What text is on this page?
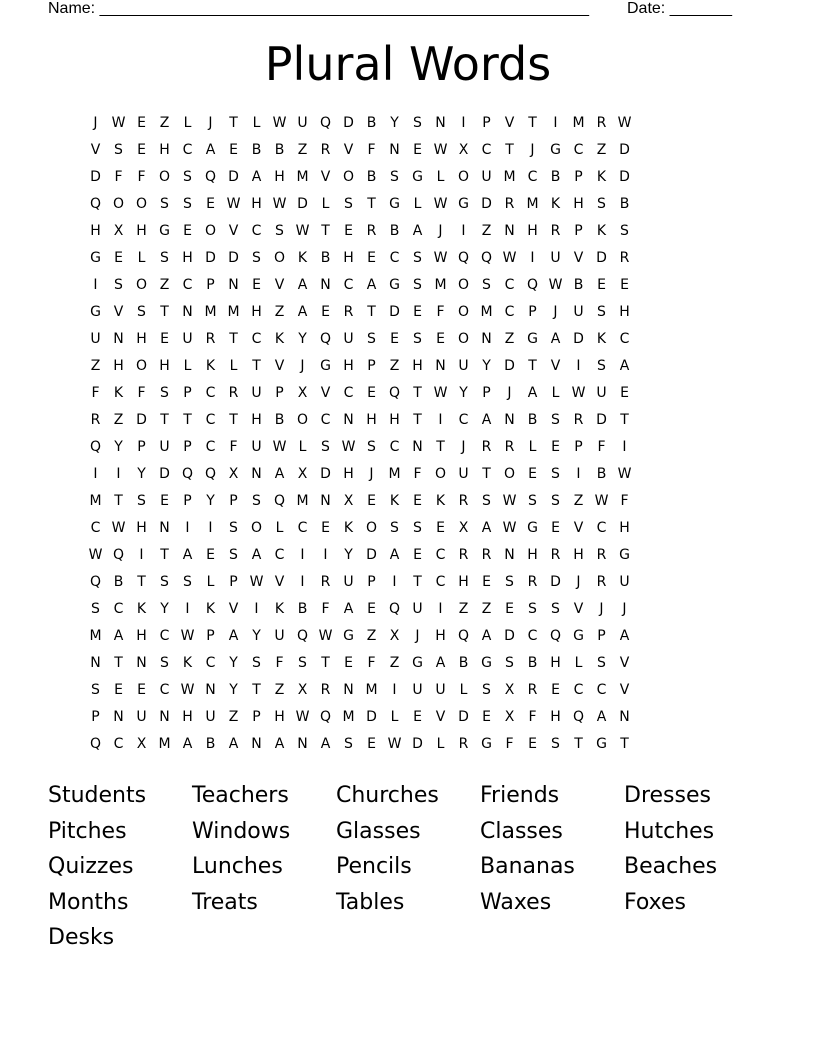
Name: _______________________________________________________ Date: _______
Plural Words
J	W E Z	L	J	T	L W U Q D B Y	S N	I	P V T	I	M R W
V S	E H C A E B B Z R V	F N E W X C T	J	G C Z D
D F	F O S Q D A H M V O B S G L O U M C B P	K D
Q O O S	S	E W H W D L	S	T G L W G D R M K H S B
H X H G E O V C S W T	E R B A	J	I	Z N H R P	K S
G E	L	S H D D S O K B H E C S W Q Q W	I	U V D R
I	S O Z C P N E V A N C A G S M O S C Q W B E	E
G V S	T N M M H Z A E R T D E	F O M C P	J	U S H
U N H E U R T C K	Y Q U S	E	S	E O N Z G A D K C
Z H O H L	K	L	T V	J	G H P Z H N U Y D T V	I	S A
F	K	F	S	P C R U P X V C E Q T W Y	P	J	A	L W U E
R Z D T	T C T H B O C N H H T	I	C A N B S R D T
Q Y	P U P C	F U W L	S W S C N T	J	R R	L	E	P	F	I
I	I	Y D Q Q X N A X D H	J	M F O U T O E	S	I	B W
M T	S	E	P	Y	P	S Q M N X E K E K R S W S	S Z W F
C W H N	I	I	S O L	C E K O S	S	E X A W G E V C H
W Q	I	T A E	S A C	I	I	Y D A E C R R N H R H R G
Q B T	S	S	L	P W V	I	R U P	I	T C H E	S R D	J	R U
S C K	Y	I	K V	I	K B	F	A E Q U	I	Z Z E	S	S V	J	J
M A H C W P A Y U Q W G Z X	J	H Q A D C Q G P A
N T N S K C Y	S	F	S	T	E	F	Z G A B G S B H L	S V
S	E	E C W N Y	T Z X R N M	I	U U L	S X R E C C V
P N U N H U Z P H W Q M D L	E V D E X	F H Q A N
Q C X M A B A N A N A S	E W D L	R G F	E	S	T G T
Students	Teachers	Churches	Friends	Dresses
Pitches	Windows	Glasses	Classes	Hutches
Quizzes	Lunches	Pencils	Bananas	Beaches
Months	Treats	Tables	Waxes	Foxes
Desks
